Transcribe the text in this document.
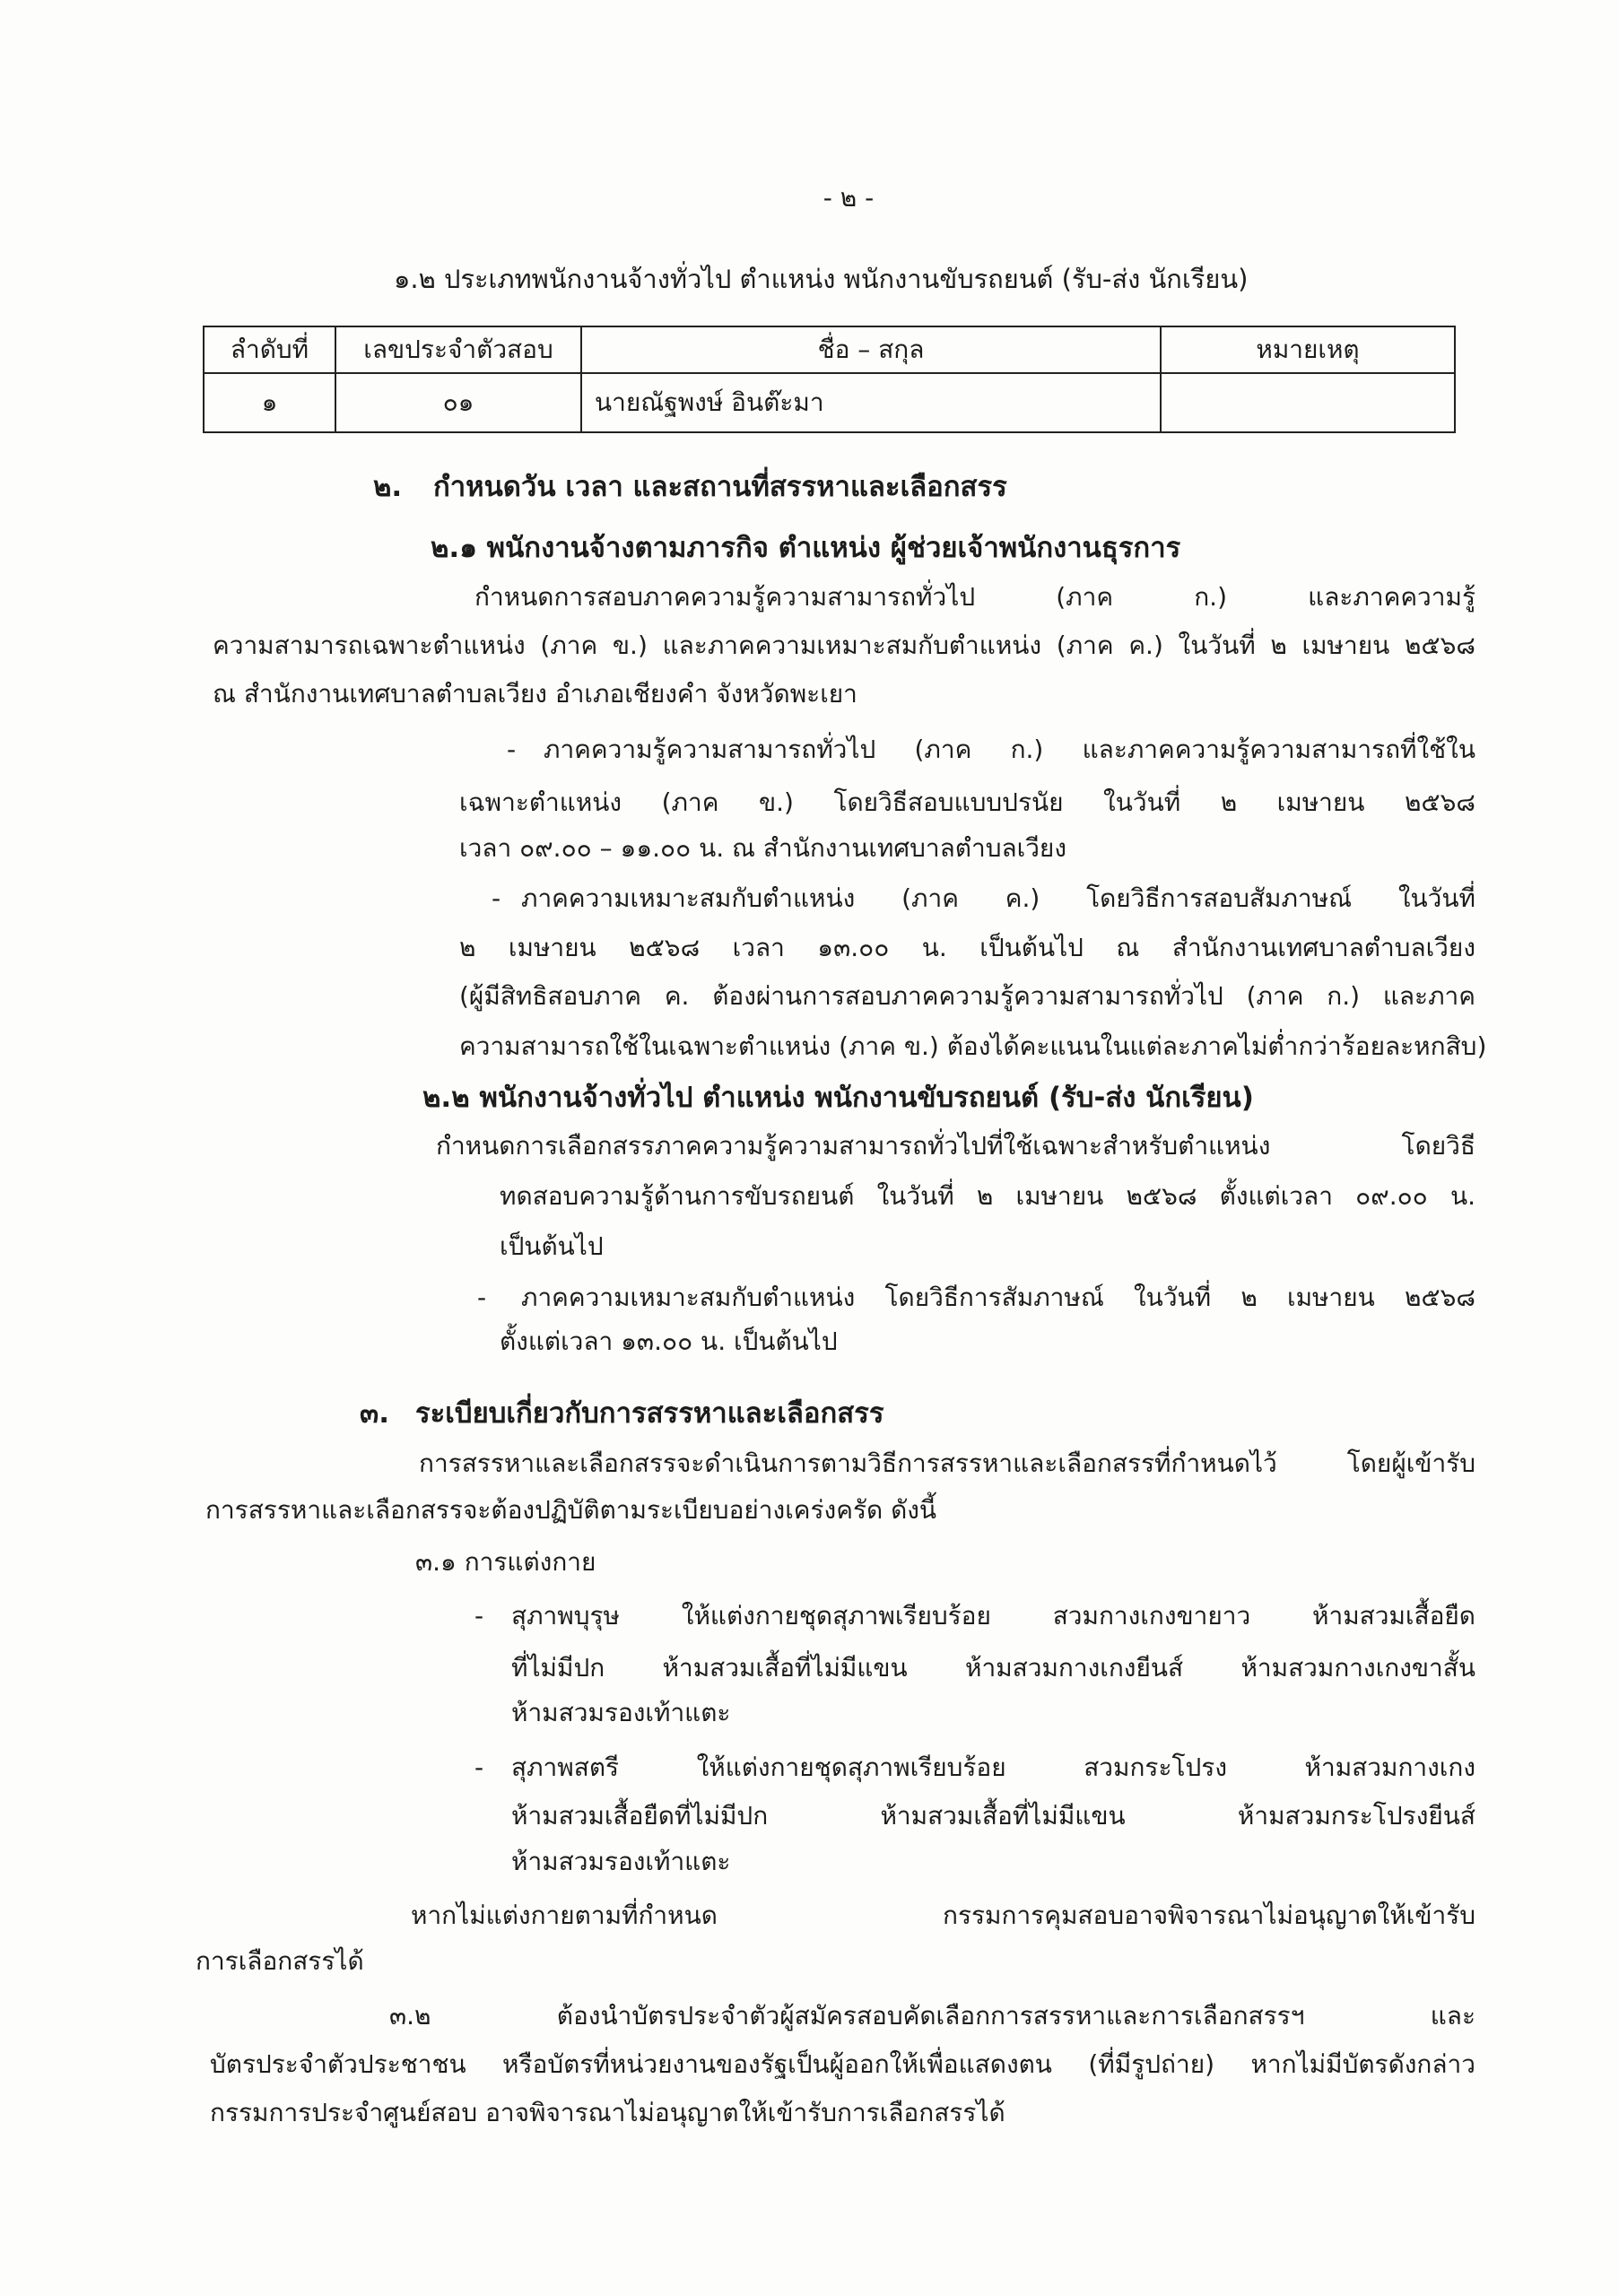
- ๒ -
๑.๒ ประเภทพนักงานจ้างทั่วไป ตำแหน่ง พนักงานขับรถยนต์ (รับ-ส่ง นักเรียน)
ลำดับที่	เลขประจำตัวสอบ	ชื่อ – สกุล	หมายเหตุ
๑	๐๑	นายณัฐพงษ์ อินต๊ะมา	
๒. กำหนดวัน เวลา และสถานที่สรรหาและเลือกสรร
๒.๑ พนักงานจ้างตามภารกิจ ตำแหน่ง ผู้ช่วยเจ้าพนักงานธุรการ
กำหนดการสอบภาคความรู้ความสามารถทั่วไป (ภาค ก.) และภาคความรู้
ความสามารถเฉพาะตำแหน่ง (ภาค ข.) และภาคความเหมาะสมกับตำแหน่ง (ภาค ค.) ในวันที่ ๒ เมษายน ๒๕๖๘
ณ สำนักงานเทศบาลตำบลเวียง อำเภอเชียงคำ จังหวัดพะเยา
- ภาคความรู้ความสามารถทั่วไป (ภาค ก.) และภาคความรู้ความสามารถที่ใช้ใน
เฉพาะตำแหน่ง (ภาค ข.) โดยวิธีสอบแบบปรนัย ในวันที่ ๒ เมษายน ๒๕๖๘
เวลา ๐๙.๐๐ – ๑๑.๐๐ น. ณ สำนักงานเทศบาลตำบลเวียง
- ภาคความเหมาะสมกับตำแหน่ง (ภาค ค.) โดยวิธีการสอบสัมภาษณ์ ในวันที่
๒ เมษายน ๒๕๖๘ เวลา ๑๓.๐๐ น. เป็นต้นไป ณ สำนักงานเทศบาลตำบลเวียง
(ผู้มีสิทธิสอบภาค ค. ต้องผ่านการสอบภาคความรู้ความสามารถทั่วไป (ภาค ก.) และภาค
ความสามารถใช้ในเฉพาะตำแหน่ง (ภาค ข.) ต้องได้คะแนนในแต่ละภาคไม่ต่ำกว่าร้อยละหกสิบ)
๒.๒ พนักงานจ้างทั่วไป ตำแหน่ง พนักงานขับรถยนต์ (รับ-ส่ง นักเรียน)
กำหนดการเลือกสรรภาคความรู้ความสามารถทั่วไปที่ใช้เฉพาะสำหรับตำแหน่ง โดยวิธี
ทดสอบความรู้ด้านการขับรถยนต์ ในวันที่ ๒ เมษายน ๒๕๖๘ ตั้งแต่เวลา ๐๙.๐๐ น.
เป็นต้นไป
- ภาคความเหมาะสมกับตำแหน่ง โดยวิธีการสัมภาษณ์ ในวันที่ ๒ เมษายน ๒๕๖๘
ตั้งแต่เวลา ๑๓.๐๐ น. เป็นต้นไป
๓. ระเบียบเกี่ยวกับการสรรหาและเลือกสรร
การสรรหาและเลือกสรรจะดำเนินการตามวิธีการสรรหาและเลือกสรรที่กำหนดไว้ โดยผู้เข้ารับ
การสรรหาและเลือกสรรจะต้องปฏิบัติตามระเบียบอย่างเคร่งครัด ดังนี้
๓.๑ การแต่งกาย
- สุภาพบุรุษ ให้แต่งกายชุดสุภาพเรียบร้อย สวมกางเกงขายาว ห้ามสวมเสื้อยืด
ที่ไม่มีปก ห้ามสวมเสื้อที่ไม่มีแขน ห้ามสวมกางเกงยีนส์ ห้ามสวมกางเกงขาสั้น
ห้ามสวมรองเท้าแตะ
- สุภาพสตรี ให้แต่งกายชุดสุภาพเรียบร้อย สวมกระโปรง ห้ามสวมกางเกง
ห้ามสวมเสื้อยืดที่ไม่มีปก ห้ามสวมเสื้อที่ไม่มีแขน ห้ามสวมกระโปรงยีนส์
ห้ามสวมรองเท้าแตะ
หากไม่แต่งกายตามที่กำหนด กรรมการคุมสอบอาจพิจารณาไม่อนุญาตให้เข้ารับ
การเลือกสรรได้
๓.๒ ต้องนำบัตรประจำตัวผู้สมัครสอบคัดเลือกการสรรหาและการเลือกสรรฯ และ
บัตรประจำตัวประชาชน หรือบัตรที่หน่วยงานของรัฐเป็นผู้ออกให้เพื่อแสดงตน (ที่มีรูปถ่าย) หากไม่มีบัตรดังกล่าว
กรรมการประจำศูนย์สอบ อาจพิจารณาไม่อนุญาตให้เข้ารับการเลือกสรรได้
